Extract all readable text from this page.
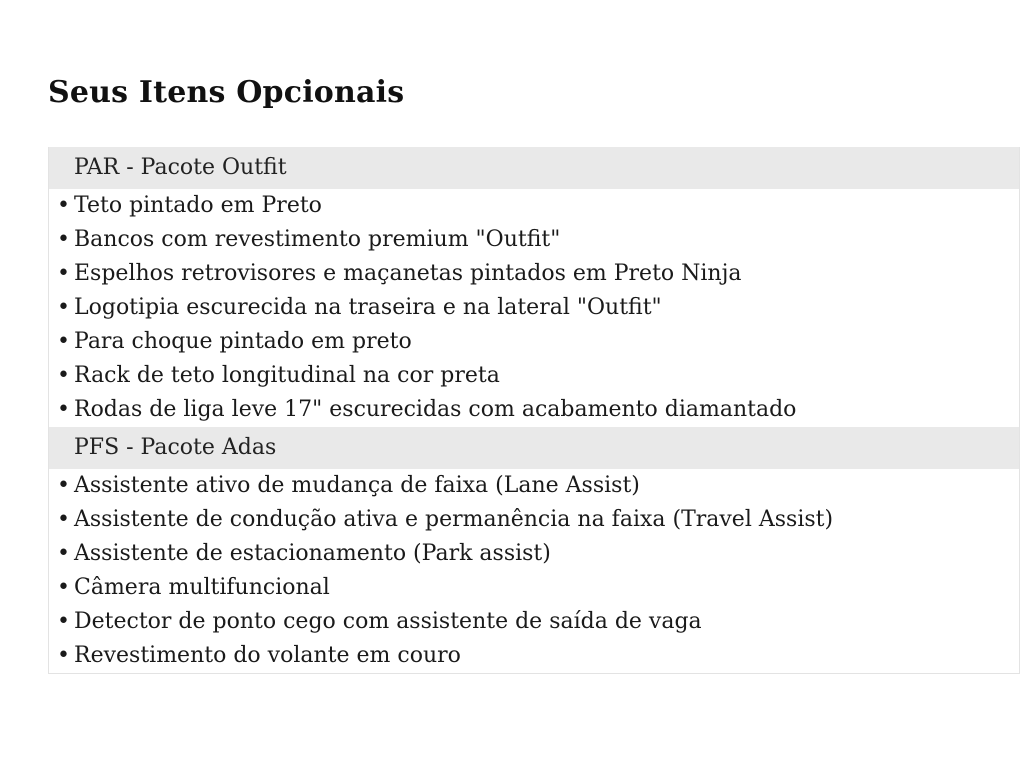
Seus Itens Opcionais
PAR - Pacote Outfit
• Teto pintado em Preto
• Bancos com revestimento premium "Outfit"
• Espelhos retrovisores e maçanetas pintados em Preto Ninja
• Logotipia escurecida na traseira e na lateral "Outfit"
• Para choque pintado em preto
• Rack de teto longitudinal na cor preta
• Rodas de liga leve 17" escurecidas com acabamento diamantado
PFS - Pacote Adas
• Assistente ativo de mudança de faixa (Lane Assist)
• Assistente de condução ativa e permanência na faixa (Travel Assist)
• Assistente de estacionamento (Park assist)
• Câmera multifuncional
• Detector de ponto cego com assistente de saída de vaga
• Revestimento do volante em couro
